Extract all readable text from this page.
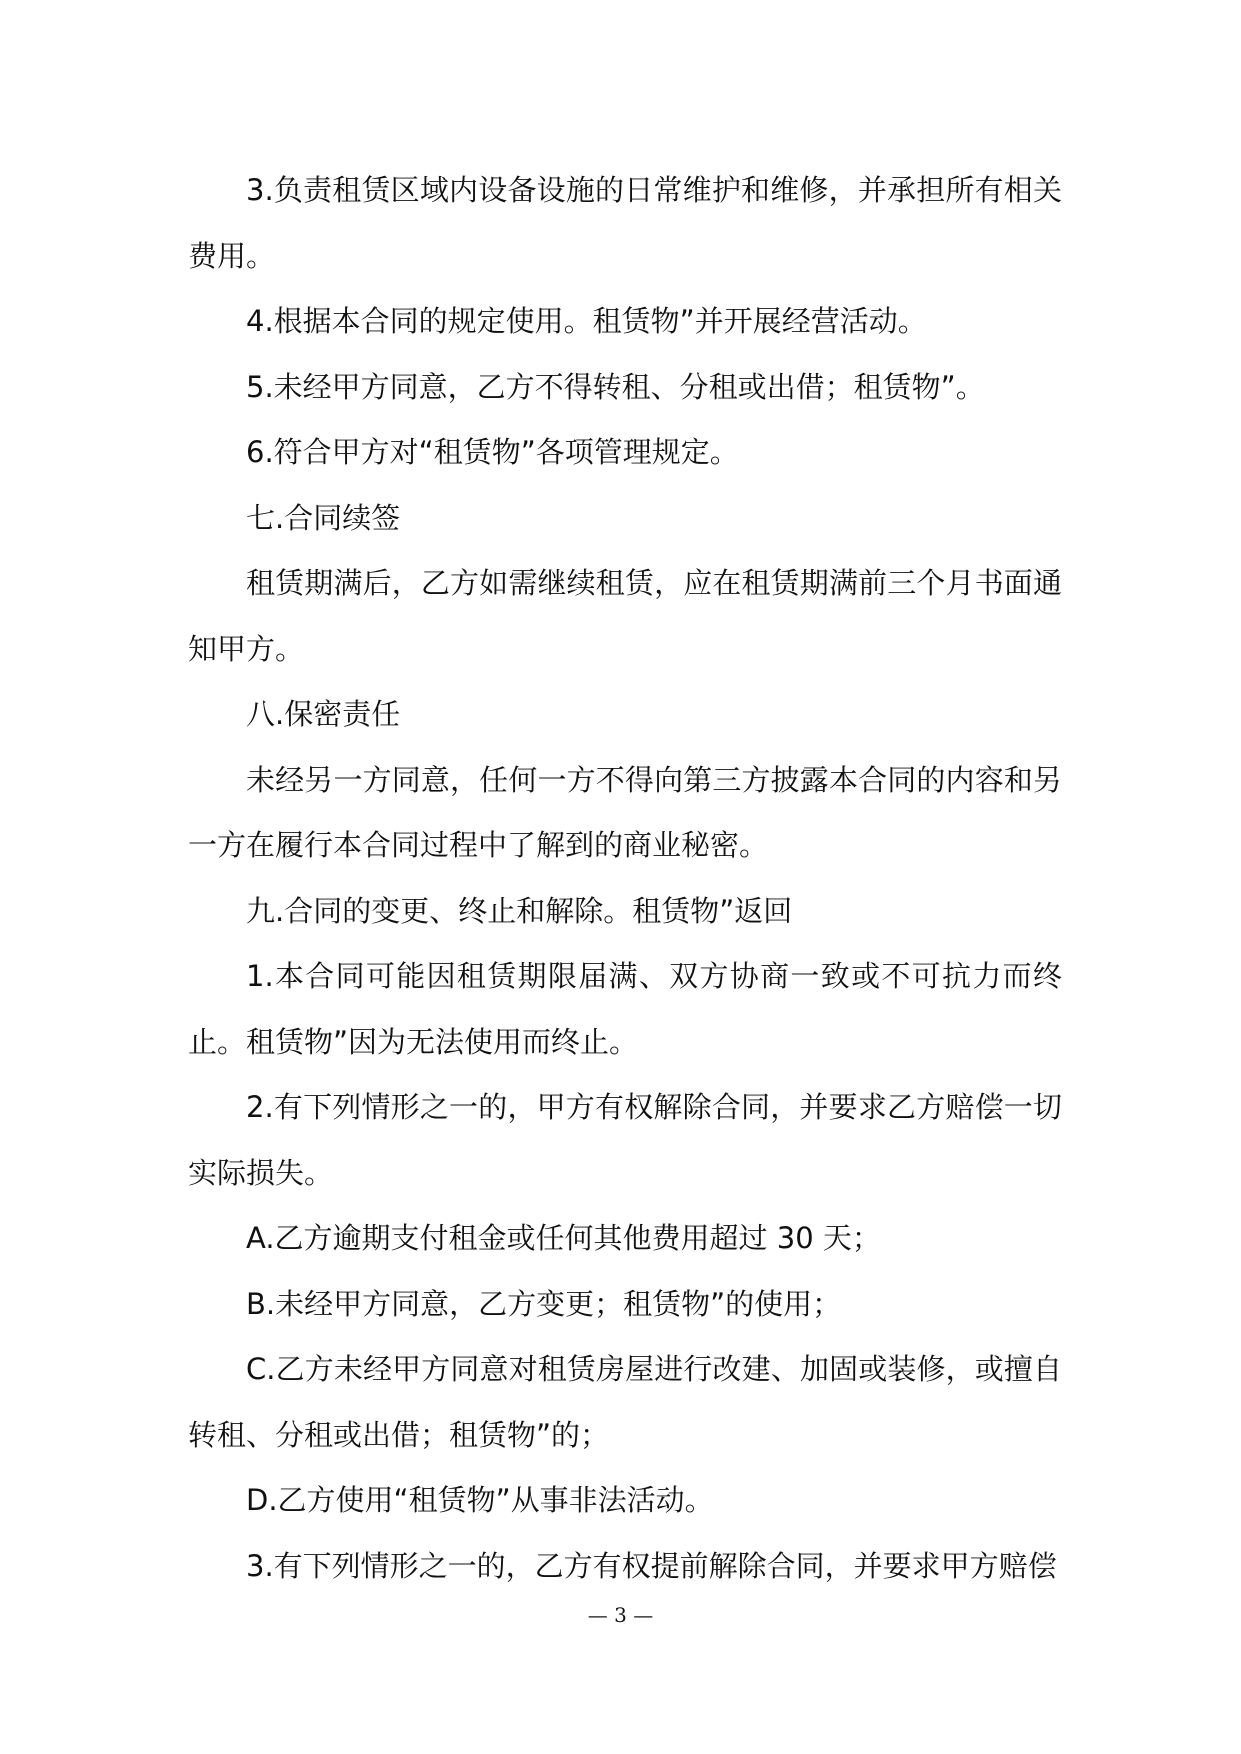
3.负责租赁区域内设备设施的日常维护和维修，并承担所有相关费用。

4.根据本合同的规定使用。租赁物”并开展经营活动。

5.未经甲方同意，乙方不得转租、分租或出借；租赁物”。

6.符合甲方对“租赁物”各项管理规定。

七.合同续签

租赁期满后，乙方如需继续租赁，应在租赁期满前三个月书面通知甲方。

八.保密责任

未经另一方同意，任何一方不得向第三方披露本合同的内容和另一方在履行本合同过程中了解到的商业秘密。

九.合同的变更、终止和解除。租赁物”返回

1.本合同可能因租赁期限届满、双方协商一致或不可抗力而终止。租赁物”因为无法使用而终止。

2.有下列情形之一的，甲方有权解除合同，并要求乙方赔偿一切实际损失。

A.乙方逾期支付租金或任何其他费用超过 30 天；

B.未经甲方同意，乙方变更；租赁物”的使用；

C.乙方未经甲方同意对租赁房屋进行改建、加固或装修，或擅自转租、分租或出借；租赁物”的；

D.乙方使用“租赁物”从事非法活动。

3.有下列情形之一的，乙方有权提前解除合同，并要求甲方赔偿

— 3 —
